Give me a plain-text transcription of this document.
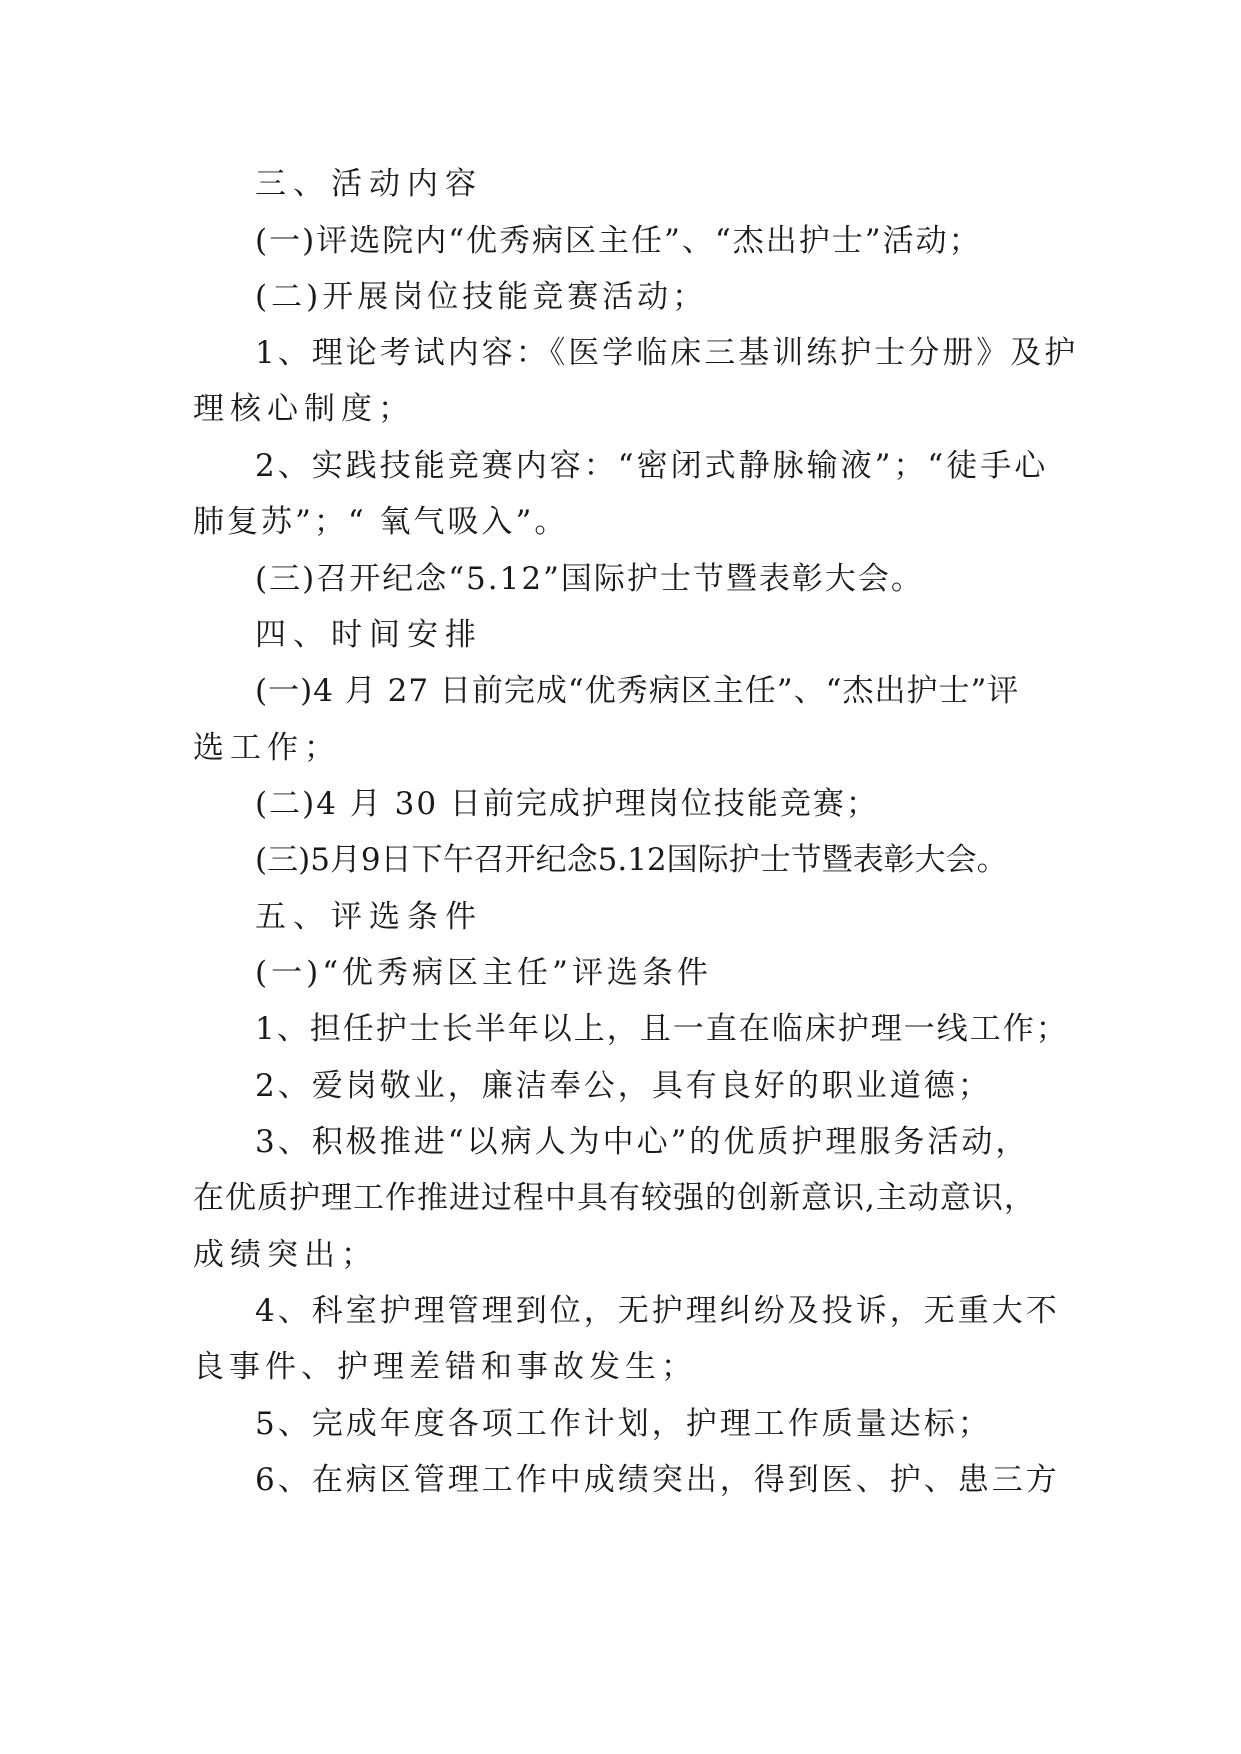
三、活动内容

(一)评选院内“优秀病区主任”、“杰出护士”活动；

(二)开展岗位技能竞赛活动；

1、理论考试内容：《医学临床三基训练护士分册》及护

理核心制度；

2、实践技能竞赛内容：“密闭式静脉输液”；“徒手心

肺复苏”；“ 氧气吸入”。

(三)召开纪念“5.12”国际护士节暨表彰大会。

四、时间安排

(一)4 月 27 日前完成“优秀病区主任”、“杰出护士”评

选工作；

(二)4 月 30 日前完成护理岗位技能竞赛；

(三)5月9日下午召开纪念5.12国际护士节暨表彰大会。

五、评选条件

(一)“优秀病区主任”评选条件

1、担任护士长半年以上，且一直在临床护理一线工作；

2、爱岗敬业，廉洁奉公，具有良好的职业道德；

3、积极推进“以病人为中心”的优质护理服务活动，

在优质护理工作推进过程中具有较强的创新意识,主动意识，

成绩突出；

4、科室护理管理到位，无护理纠纷及投诉，无重大不

良事件、护理差错和事故发生；

5、完成年度各项工作计划，护理工作质量达标；

6、在病区管理工作中成绩突出，得到医、护、患三方
